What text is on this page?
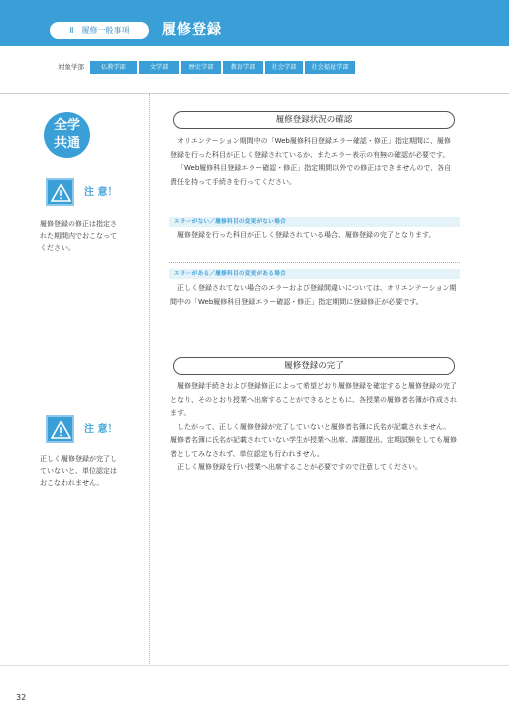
Ⅱ　履修一般事項	履修登録
対象学部	仏教学部	文学部	歴史学部	教育学部	社会学部	社会福祉学部
全学
共通
注 意！
履修登録の修正は指定さ
れた期間内でおこなって
ください。
注 意！
正しく履修登録が完了し
ていないと、単位認定は
おこなわれません。
履修登録状況の確認

オリエンテーション期間中の「Web履修科目登録エラー確認・修正」指定期間に、履修登録を行った科目が正しく登録されているか、またエラー表示の有無の確認が必要です。

「Web履修科目登録エラー確認・修正」指定期間以外での修正はできませんので、各自責任を持って手続きを行ってください。

エラーがない／履修科目の変更がない場合

履修登録を行った科目が正しく登録されている場合、履修登録の完了となります。

エラーがある／履修科目の変更がある場合

正しく登録されてない場合のエラーおよび登録間違いについては、オリエンテーション期間中の「Web履修科目登録エラー確認・修正」指定期間に登録修正が必要です。

履修登録の完了

履修登録手続きおよび登録修正によって希望どおり履修登録を確定すると履修登録の完了となり、そのとおり授業へ出席することができるとともに、各授業の履修者名簿が作成されます。

したがって、正しく履修登録が完了していないと履修者名簿に氏名が記載されません。履修者名簿に氏名が記載されていない学生が授業へ出席、課題提出、定期試験をしても履修者としてみなされず、単位認定も行われません。

正しく履修登録を行い授業へ出席することが必要ですので注意してください。

32
